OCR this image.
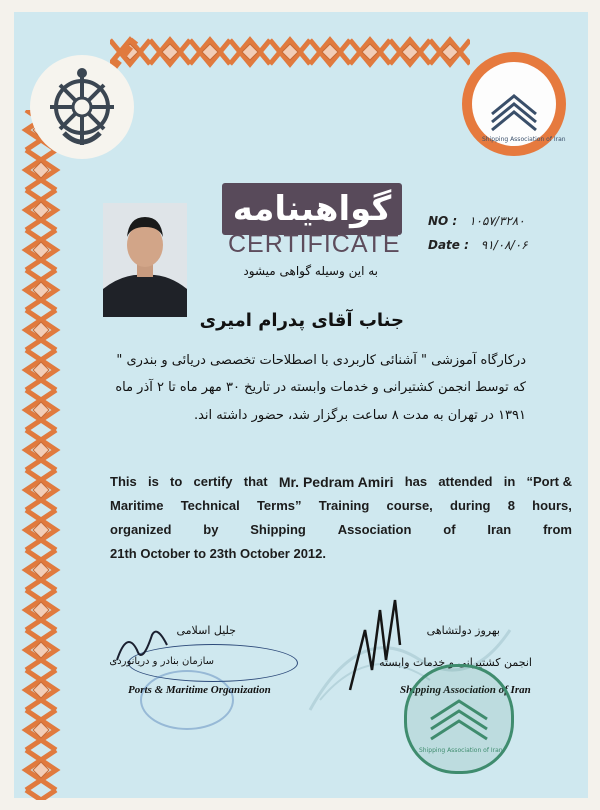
Shipping Association of Iran
گواهینامه
CERTIFICATE
NO : ۱۰۵۷/۳۲۸۰
Date : ۹۱/۰۸/۰۶
به این وسیله گواهی میشود
جناب آقای پدرام امیری
درکارگاه آموزشی " آشنائی کاربردی با اصطلاحات تخصصی دریائی و بندری "
که توسط انجمن کشتیرانی و خدمات وابسته در تاریخ ۳۰ مهر ماه تا ۲ آذر ماه
۱۳۹۱ در تهران به مدت ۸ ساعت برگزار شد، حضور داشته اند.
This is to certify that Mr. Pedram Amiri has attended in “Port &
Maritime Technical Terms” Training course, during 8 hours,
organized by Shipping Association of Iran from
21th October to 23th October 2012.
جلیل اسلامی
سازمان بنادر و دریانوردی
Ports & Maritime Organization
بهروز دولتشاهی
انجمن کشتیرانی و خدمات وابسته
Shipping Association of Iran
Shipping Association of Iran
